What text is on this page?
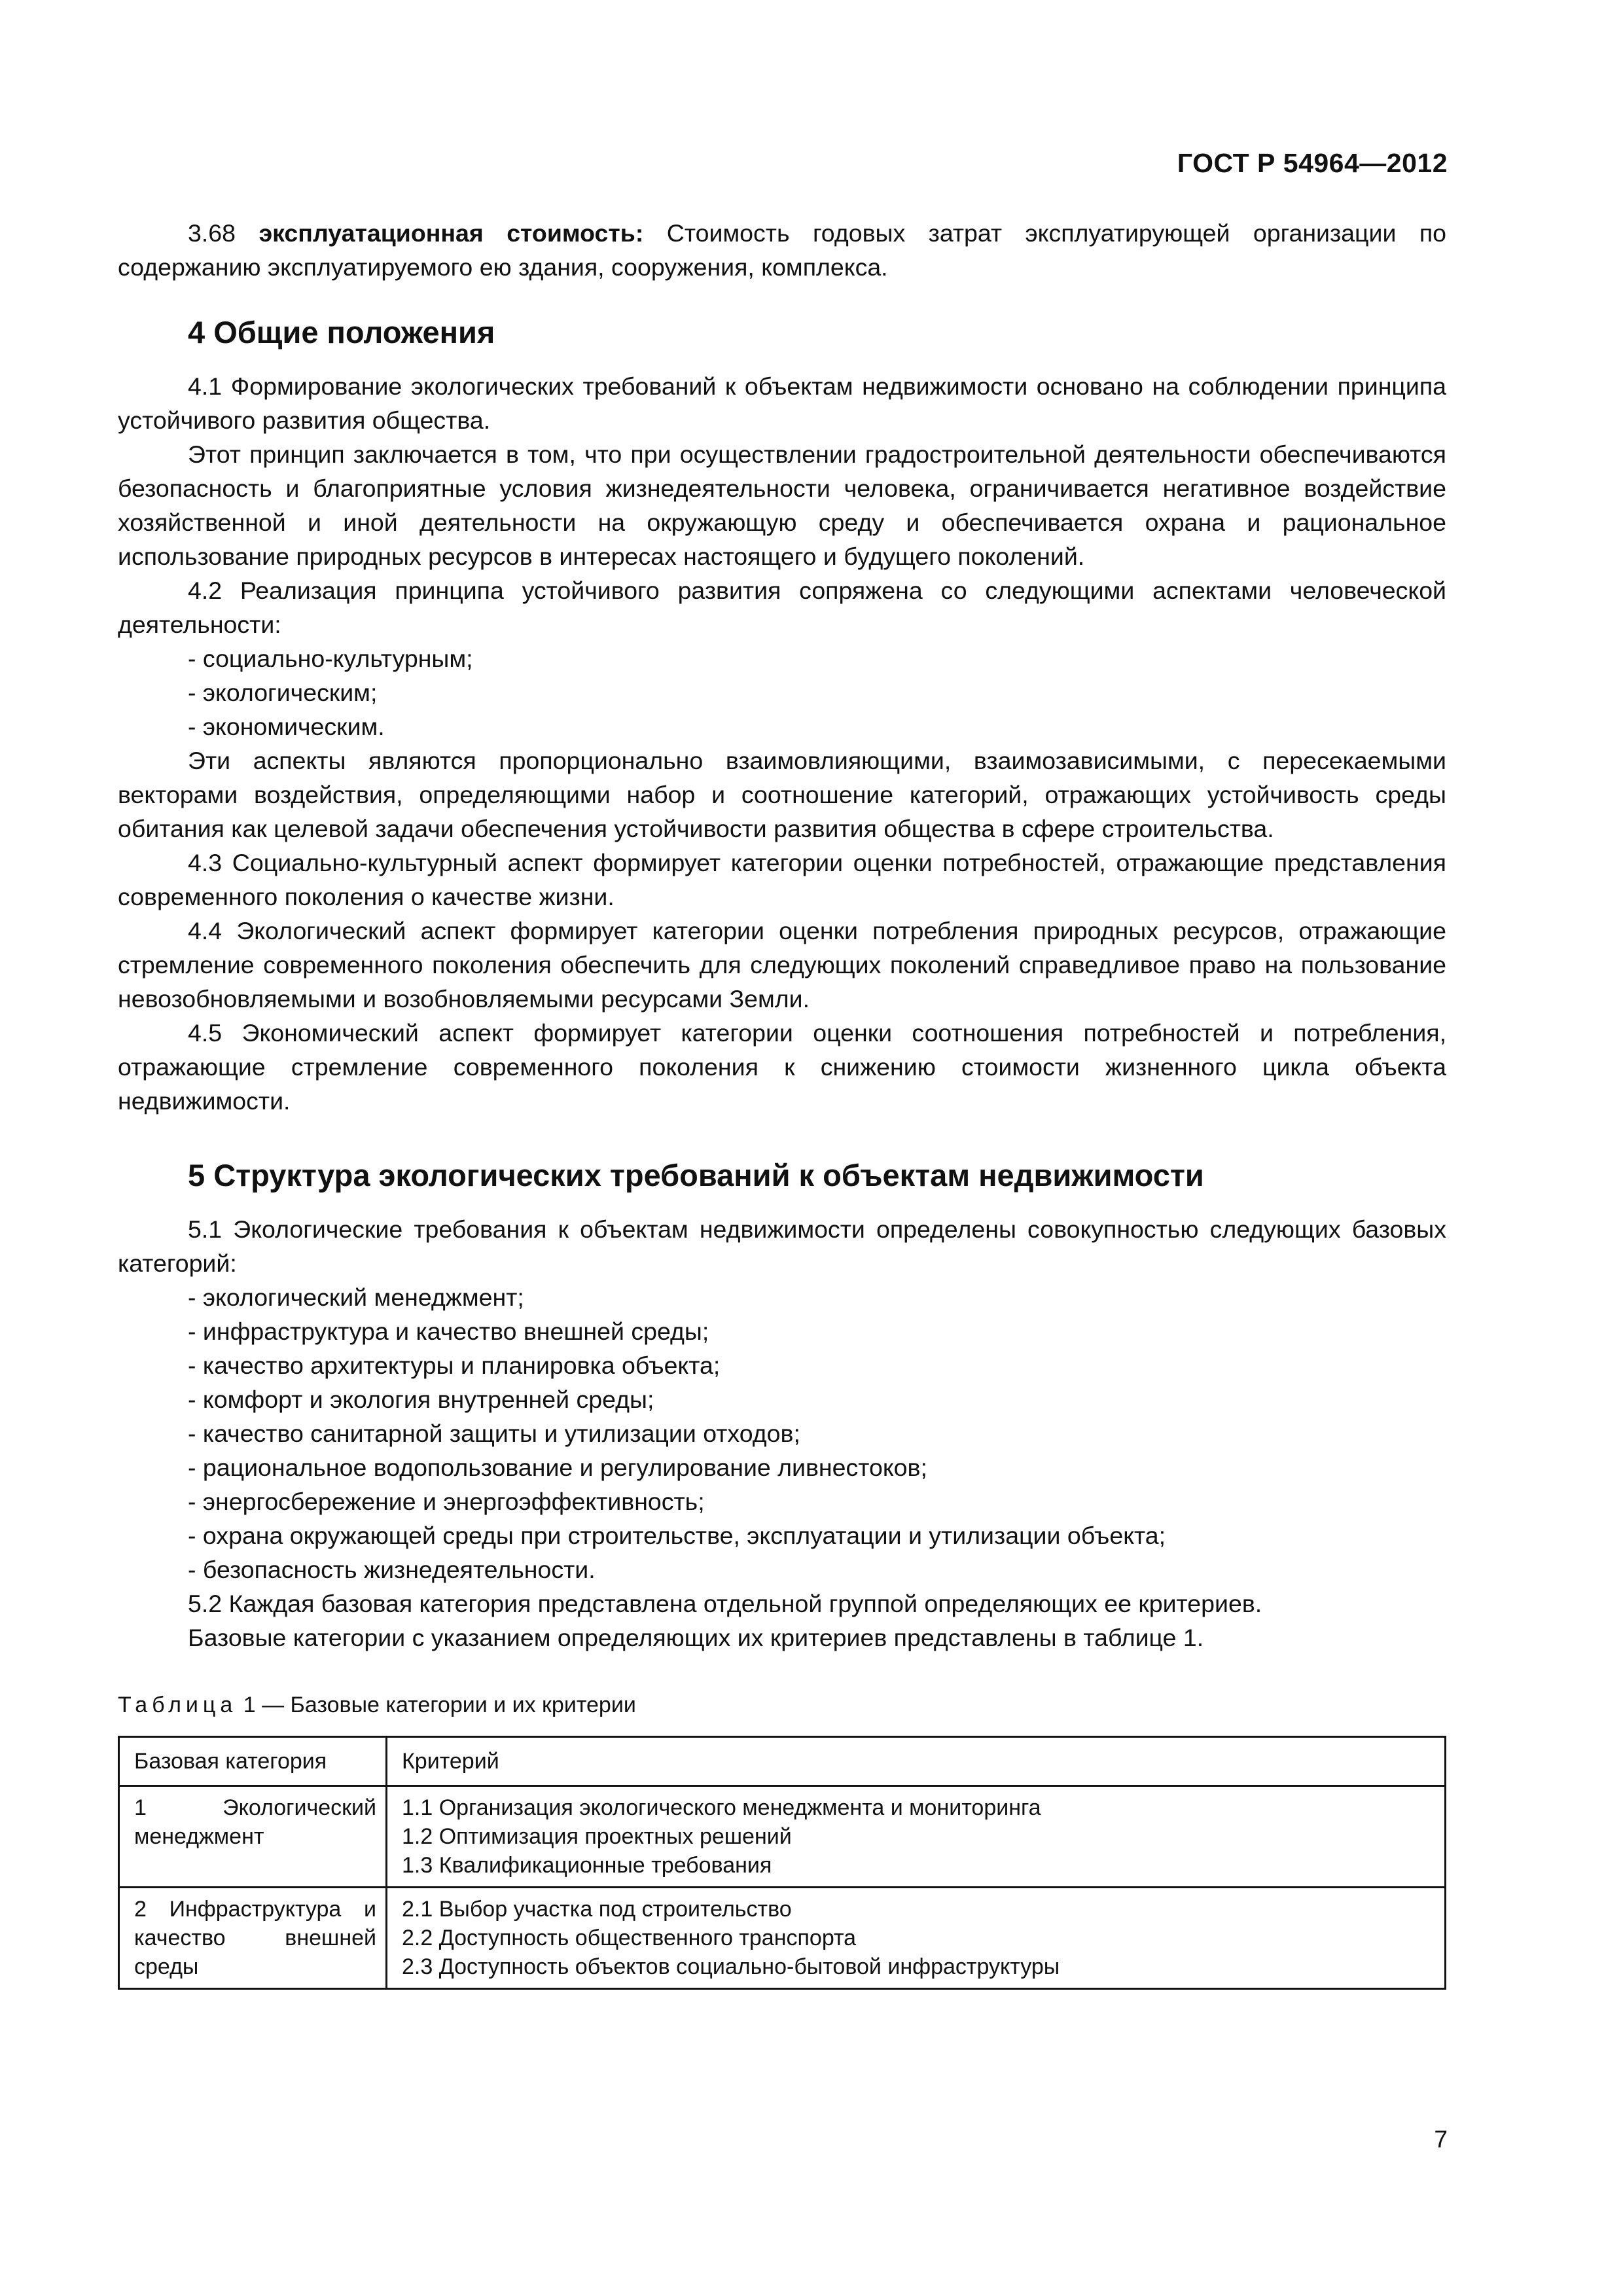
ГОСТ Р 54964—2012

3.68 эксплуатационная стоимость: Стоимость годовых затрат эксплуатирующей организации по содержанию эксплуатируемого ею здания, сооружения, комплекса.

4 Общие положения

4.1 Формирование экологических требований к объектам недвижимости основано на соблюдении принципа устойчивого развития общества.

Этот принцип заключается в том, что при осуществлении градостроительной деятельности обеспечиваются безопасность и благоприятные условия жизнедеятельности человека, ограничивается негативное воздействие хозяйственной и иной деятельности на окружающую среду и обеспечивается охрана и рациональное использование природных ресурсов в интересах настоящего и будущего поколений.

4.2 Реализация принципа устойчивого развития сопряжена со следующими аспектами человеческой деятельности:

- социально-культурным;

- экологическим;

- экономическим.

Эти аспекты являются пропорционально взаимовлияющими, взаимозависимыми, с пересекаемыми векторами воздействия, определяющими набор и соотношение категорий, отражающих устойчивость среды обитания как целевой задачи обеспечения устойчивости развития общества в сфере строительства.

4.3 Социально-культурный аспект формирует категории оценки потребностей, отражающие представления современного поколения о качестве жизни.

4.4 Экологический аспект формирует категории оценки потребления природных ресурсов, отражающие стремление современного поколения обеспечить для следующих поколений справедливое право на пользование невозобновляемыми и возобновляемыми ресурсами Земли.

4.5 Экономический аспект формирует категории оценки соотношения потребностей и потребления, отражающие стремление современного поколения к снижению стоимости жизненного цикла объекта недвижимости.

5 Структура экологических требований к объектам недвижимости

5.1 Экологические требования к объектам недвижимости определены совокупностью следующих базовых категорий:

- экологический менеджмент;

- инфраструктура и качество внешней среды;

- качество архитектуры и планировка объекта;

- комфорт и экология внутренней среды;

- качество санитарной защиты и утилизации отходов;

- рациональное водопользование и регулирование ливнестоков;

- энергосбережение и энергоэффективность;

- охрана окружающей среды при строительстве, эксплуатации и утилизации объекта;

- безопасность жизнедеятельности.

5.2 Каждая базовая категория представлена отдельной группой определяющих ее критериев.

Базовые категории с указанием определяющих их критериев представлены в таблице 1.

Таблица 1 — Базовые категории и их критерии
Базовая категория	Критерий
1 Экологический менеджмент	1.1 Организация экологического менеджмента и мониторинга
1.2 Оптимизация проектных решений
1.3 Квалификационные требования

2 Инфраструктура и качество внешней среды	2.1 Выбор участка под строительство
2.2 Доступность общественного транспорта
2.3 Доступность объектов социально-бытовой инфраструктуры
7
